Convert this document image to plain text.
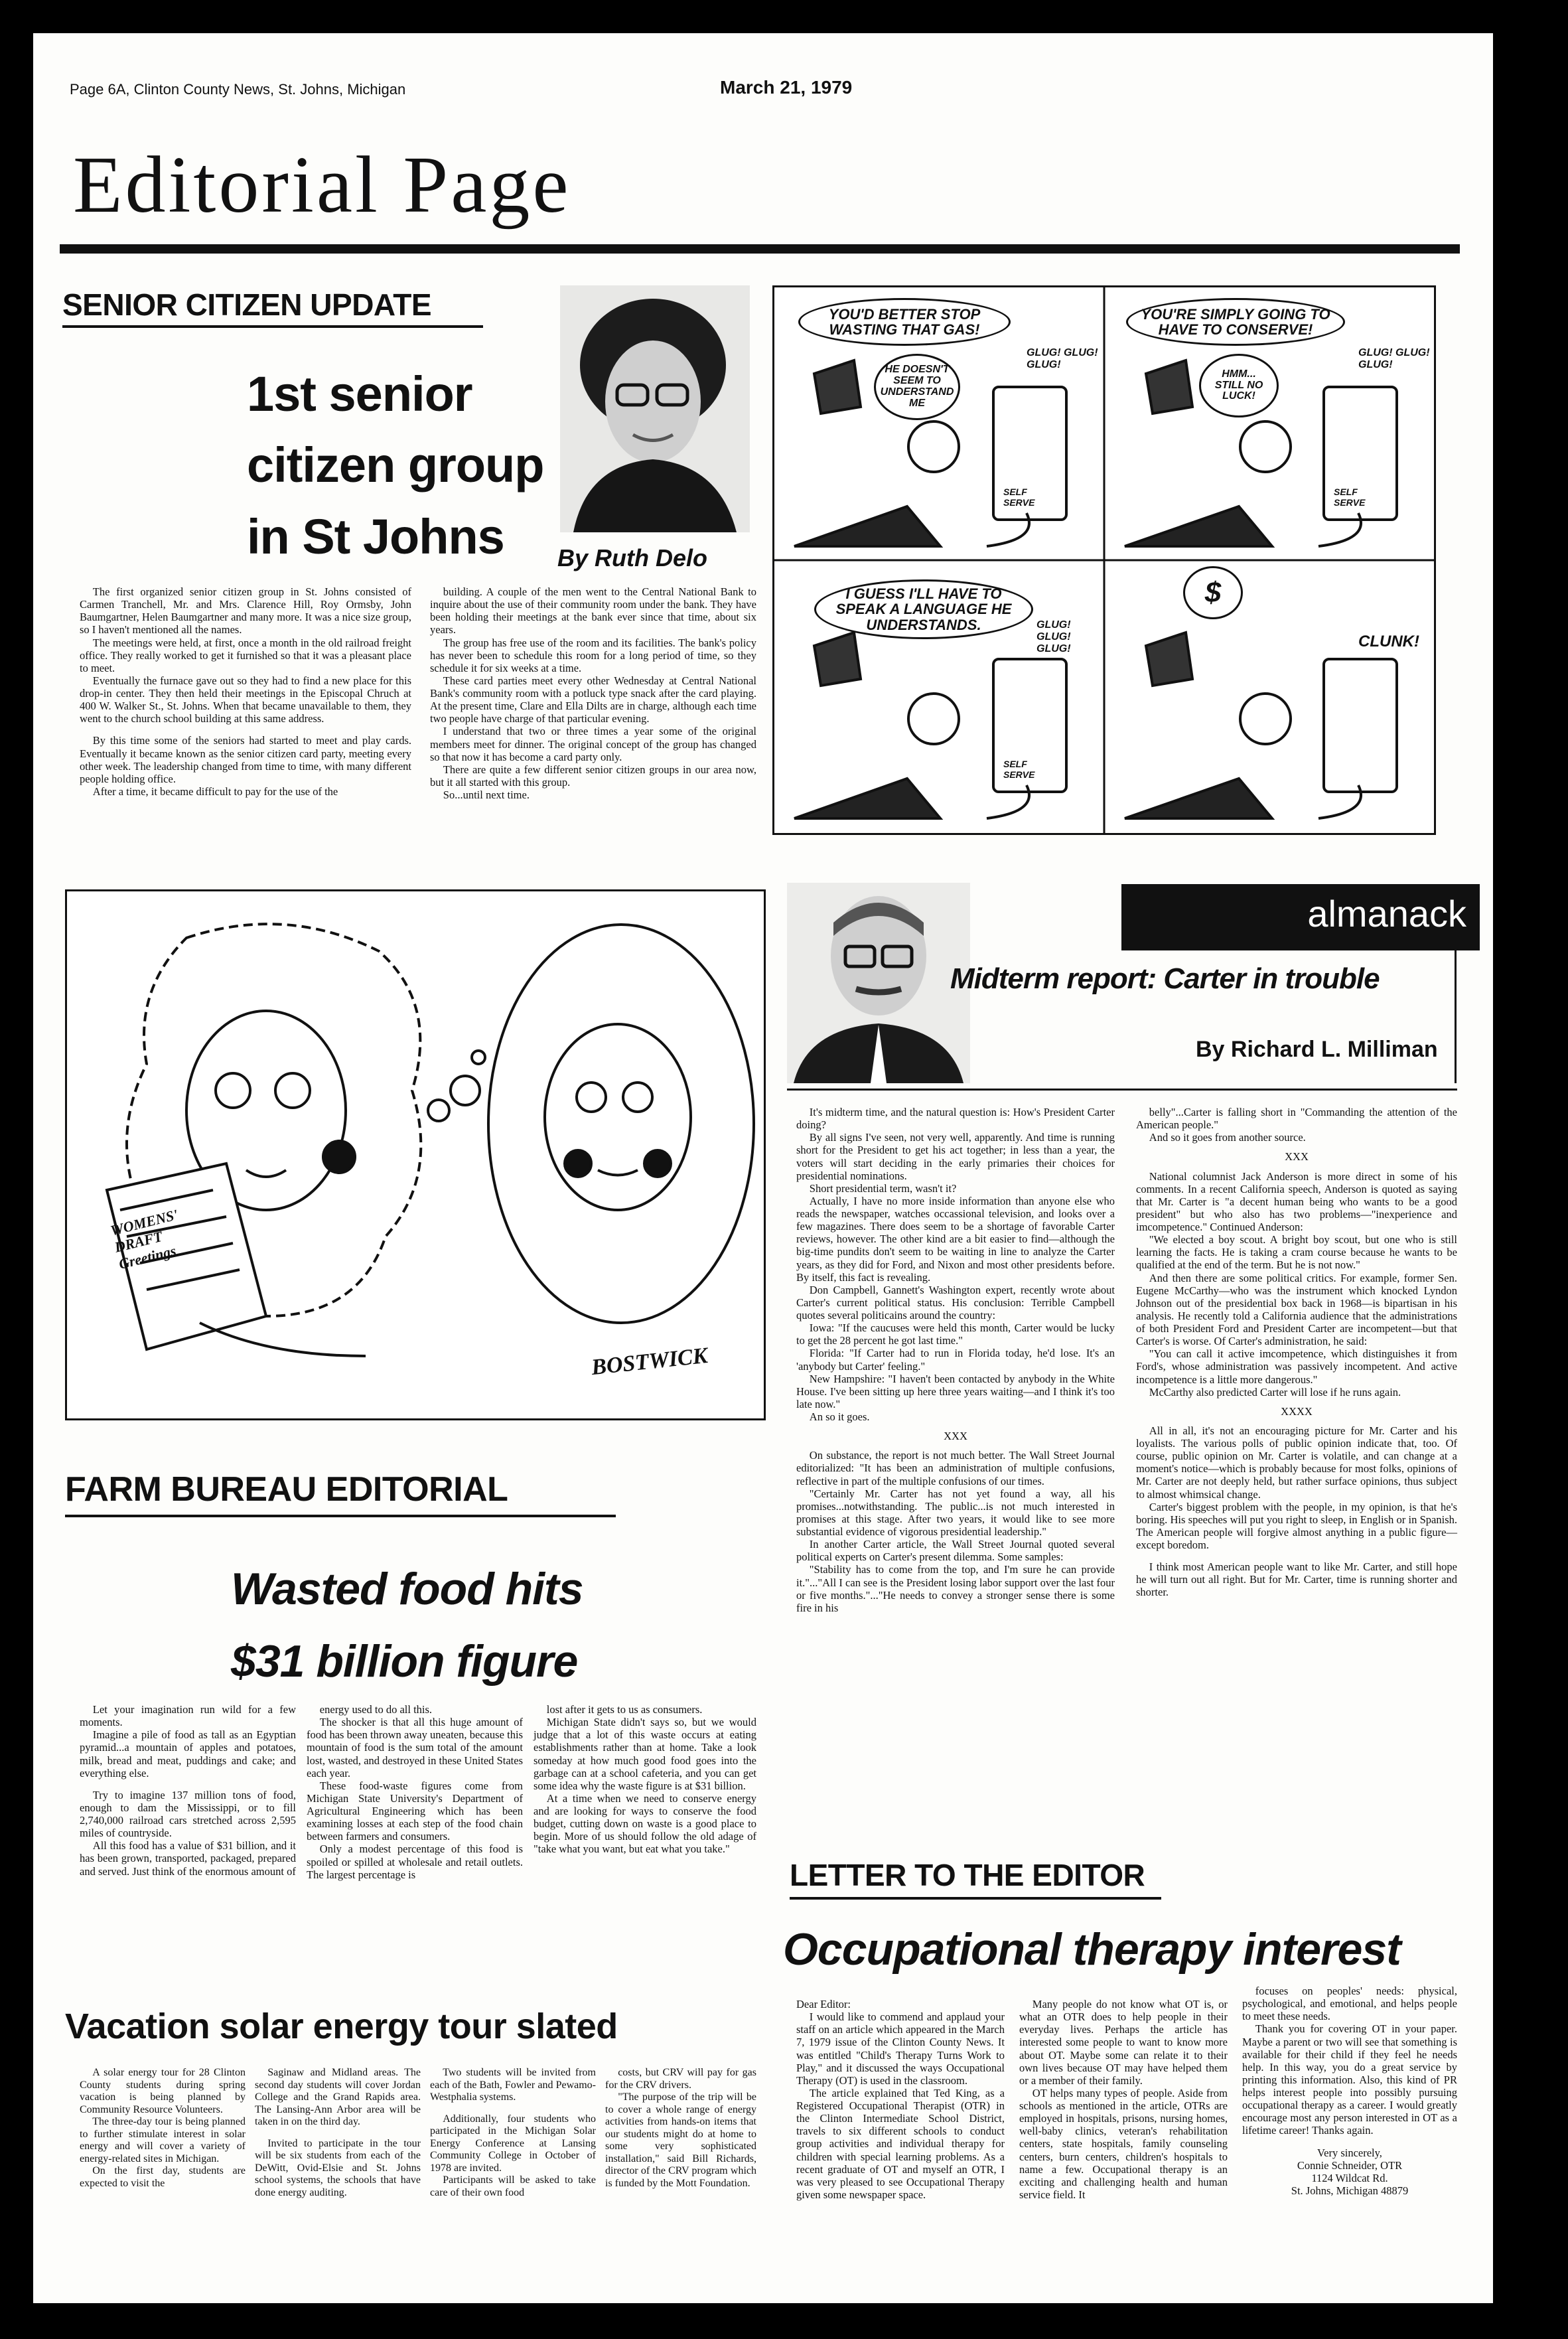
Page 6A, Clinton County News, St. Johns, Michigan	March 21, 1979
Editorial Page
SENIOR CITIZEN UPDATE
1st senior
citizen group
in St Johns	By Ruth Delo

The first organized senior citizen group in St. Johns consisted of Carmen Tranchell, Mr. and Mrs. Clarence Hill, Roy Ormsby, John Baumgartner, Helen Baumgartner and many more. It was a nice size group, so I haven't mentioned all the names.

The meetings were held, at first, once a month in the old railroad freight office. They really worked to get it furnished so that it was a pleasant place to meet.

Eventually the furnace gave out so they had to find a new place for this drop-in center. They then held their meetings in the Episcopal Chruch at 400 W. Walker St., St. Johns. When that became unavailable to them, they went to the church school building at this same address.

By this time some of the seniors had started to meet and play cards. Eventually it became known as the senior citizen card party, meeting every other week. The leadership changed from time to time, with many different people holding office.

After a time, it became difficult to pay for the use of the

building. A couple of the men went to the Central National Bank to inquire about the use of their community room under the bank. They have been holding their meetings at the bank ever since that time, about six years.

The group has free use of the room and its facilities. The bank's policy has never been to schedule this room for a long period of time, so they schedule it for six weeks at a time.

These card parties meet every other Wednesday at Central National Bank's community room with a potluck type snack after the card playing. At the present time, Clare and Ella Dilts are in charge, although each time two people have charge of that particular evening.

I understand that two or three times a year some of the original members meet for dinner. The original concept of the group has changed so that now it has become a card party only.

There are quite a few different senior citizen groups in our area now, but it all started with this group.

So...until next time.

YOU'D BETTER STOP WASTING THAT GAS!
HE DOESN'T SEEM TO UNDERSTAND ME
YOU'RE SIMPLY GOING TO HAVE TO CONSERVE!
HMM... STILL NO LUCK!
I GUESS I'LL HAVE TO SPEAK A LANGUAGE HE UNDERSTANDS.
$
GLUG! GLUG! GLUG!
GLUG! GLUG! GLUG!
GLUG! GLUG! GLUG!	CLUNK!
SELF SERVE
SELF SERVE
SELF SERVE
WOMENS' DRAFT Greetings
BOSTWICK
almanack
Midterm report: Carter in trouble
By Richard L. Milliman

It's midterm time, and the natural question is: How's President Carter doing?

By all signs I've seen, not very well, apparently. And time is running short for the President to get his act together; in less than a year, the voters will start deciding in the early primaries their choices for presidential nominations.

Short presidential term, wasn't it?

Actually, I have no more inside information than anyone else who reads the newspaper, watches occassional television, and looks over a few magazines. There does seem to be a shortage of favorable Carter reviews, however. The other kind are a bit easier to find—although the big-time pundits don't seem to be waiting in line to analyze the Carter years, as they did for Ford, and Nixon and most other presidents before. By itself, this fact is revealing.

Don Campbell, Gannett's Washington expert, recently wrote about Carter's current political status. His conclusion: Terrible Campbell quotes several politicains around the country:

Iowa: "If the caucuses were held this month, Carter would be lucky to get the 28 percent he got last time."

Florida: "If Carter had to run in Florida today, he'd lose. It's an 'anybody but Carter' feeling."

New Hampshire: "I haven't been contacted by anybody in the White House. I've been sitting up here three years waiting—and I think it's too late now."

An so it goes.

XXX

On substance, the report is not much better. The Wall Street Journal editorialized: "It has been an administration of multiple confusions, reflective in part of the multiple confusions of our times.

"Certainly Mr. Carter has not yet found a way, all his promises...notwithstanding. The public...is not much interested in promises at this stage. After two years, it would like to see more substantial evidence of vigorous presidential leadership."

In another Carter article, the Wall Street Journal quoted several political experts on Carter's present dilemma. Some samples:

"Stability has to come from the top, and I'm sure he can provide it."..."All I can see is the President losing labor support over the last four or five months."..."He needs to convey a stronger sense there is some fire in his

belly"...Carter is falling short in "Commanding the attention of the American people."

And so it goes from another source.

XXX

National columnist Jack Anderson is more direct in some of his comments. In a recent California speech, Anderson is quoted as saying that Mr. Carter is "a decent human being who wants to be a good president" but who also has two problems—"inexperience and imcompetence." Continued Anderson:

"We elected a boy scout. A bright boy scout, but one who is still learning the facts. He is taking a cram course because he wants to be qualified at the end of the term. But he is not now."

And then there are some political critics. For example, former Sen. Eugene McCarthy—who was the instrument which knocked Lyndon Johnson out of the presidential box back in 1968—is bipartisan in his analysis. He recently told a California audience that the administrations of both President Ford and President Carter are incompetent—but that Carter's is worse. Of Carter's administration, he said:

"You can call it active imcompetence, which distinguishes it from Ford's, whose administration was passively incompetent. And active incompetence is a little more dangerous."

McCarthy also predicted Carter will lose if he runs again.

XXXX

All in all, it's not an encouraging picture for Mr. Carter and his loyalists. The various polls of public opinion indicate that, too. Of course, public opinion on Mr. Carter is volatile, and can change at a moment's notice—which is probably because for most folks, opinions of Mr. Carter are not deeply held, but rather surface opinions, thus subject to almost whimsical change.

Carter's biggest problem with the people, in my opinion, is that he's boring. His speeches will put you right to sleep, in English or in Spanish. The American people will forgive almost anything in a public figure—except boredom.

I think most American people want to like Mr. Carter, and still hope he will turn out all right. But for Mr. Carter, time is running shorter and shorter.

FARM BUREAU EDITORIAL
Wasted food hits
$31 billion figure

Let your imagination run wild for a few moments.

Imagine a pile of food as tall as an Egyptian pyramid...a mountain of apples and potatoes, milk, bread and meat, puddings and cake; and everything else.

Try to imagine 137 million tons of food, enough to dam the Mississippi, or to fill 2,740,000 railroad cars stretched across 2,595 miles of countryside.

All this food has a value of $31 billion, and it has been grown, transported, packaged, prepared and served. Just think of the enormous amount of

energy used to do all this.

The shocker is that all this huge amount of food has been thrown away uneaten, because this mountain of food is the sum total of the amount lost, wasted, and destroyed in these United States each year.

These food-waste figures come from Michigan State University's Department of Agricultural Engineering which has been examining losses at each step of the food chain between farmers and consumers.

Only a modest percentage of this food is spoiled or spilled at wholesale and retail outlets. The largest percentage is

lost after it gets to us as consumers.

Michigan State didn't says so, but we would judge that a lot of this waste occurs at eating establishments rather than at home. Take a look someday at how much good food goes into the garbage can at a school cafeteria, and you can get some idea why the waste figure is at $31 billion.

At a time when we need to conserve energy and are looking for ways to conserve the food budget, cutting down on waste is a good place to begin. More of us should follow the old adage of "take what you want, but eat what you take."

Vacation solar energy tour slated

A solar energy tour for 28 Clinton County students during spring vacation is being planned by Community Resource Volunteers.

The three-day tour is being planned to further stimulate interest in solar energy and will cover a variety of energy-related sites in Michigan.

On the first day, students are expected to visit the

Saginaw and Midland areas. The second day students will cover Jordan College and the Grand Rapids area. The Lansing-Ann Arbor area will be taken in on the third day.

Invited to participate in the tour will be six students from each of the DeWitt, Ovid-Elsie and St. Johns school systems, the schools that have done energy auditing.

Two students will be invited from each of the Bath, Fowler and Pewamo-Westphalia systems.

Additionally, four students who participated in the Michigan Solar Energy Conference at Lansing Community College in October of 1978 are invited.

Participants will be asked to take care of their own food

costs, but CRV will pay for gas for the CRV drivers.

"The purpose of the trip will be to cover a whole range of energy activities from hands-on items that our students might do at home to some very sophisticated installation," said Bill Richards, director of the CRV program which is funded by the Mott Foundation.

LETTER TO THE EDITOR
Occupational therapy interest

Dear Editor:

I would like to commend and applaud your staff on an article which appeared in the March 7, 1979 issue of the Clinton County News. It was entitled "Child's Therapy Turns Work to Play," and it discussed the ways Occupational Therapy (OT) is used in the classroom.

The article explained that Ted King, as a Registered Occupational Therapist (OTR) in the Clinton Intermediate School District, travels to six different schools to conduct group activities and individual therapy for children with special learning problems. As a recent graduate of OT and myself an OTR, I was very pleased to see Occupational Therapy given some newspaper space.

Many people do not know what OT is, or what an OTR does to help people in their everyday lives. Perhaps the article has interested some people to want to know more about OT. Maybe some can relate it to their own lives because OT may have helped them or a member of their family.

OT helps many types of people. Aside from schools as mentioned in the article, OTRs are employed in hospitals, prisons, nursing homes, well-baby clinics, veteran's rehabilitation centers, state hospitals, family counseling centers, burn centers, children's hospitals to name a few. Occupational therapy is an exciting and challenging health and human service field. It

focuses on peoples' needs: physical, psychological, and emotional, and helps people to meet these needs.

Thank you for covering OT in your paper. Maybe a parent or two will see that something is available for their child if they feel he needs help. In this way, you do a great service by printing this information. Also, this kind of PR helps interest people into possibly pursuing occupational therapy as a career. I would greatly encourage most any person interested in OT as a lifetime career! Thanks again.

Very sincerely,

Connie Schneider, OTR

1124 Wildcat Rd.

St. Johns, Michigan 48879
